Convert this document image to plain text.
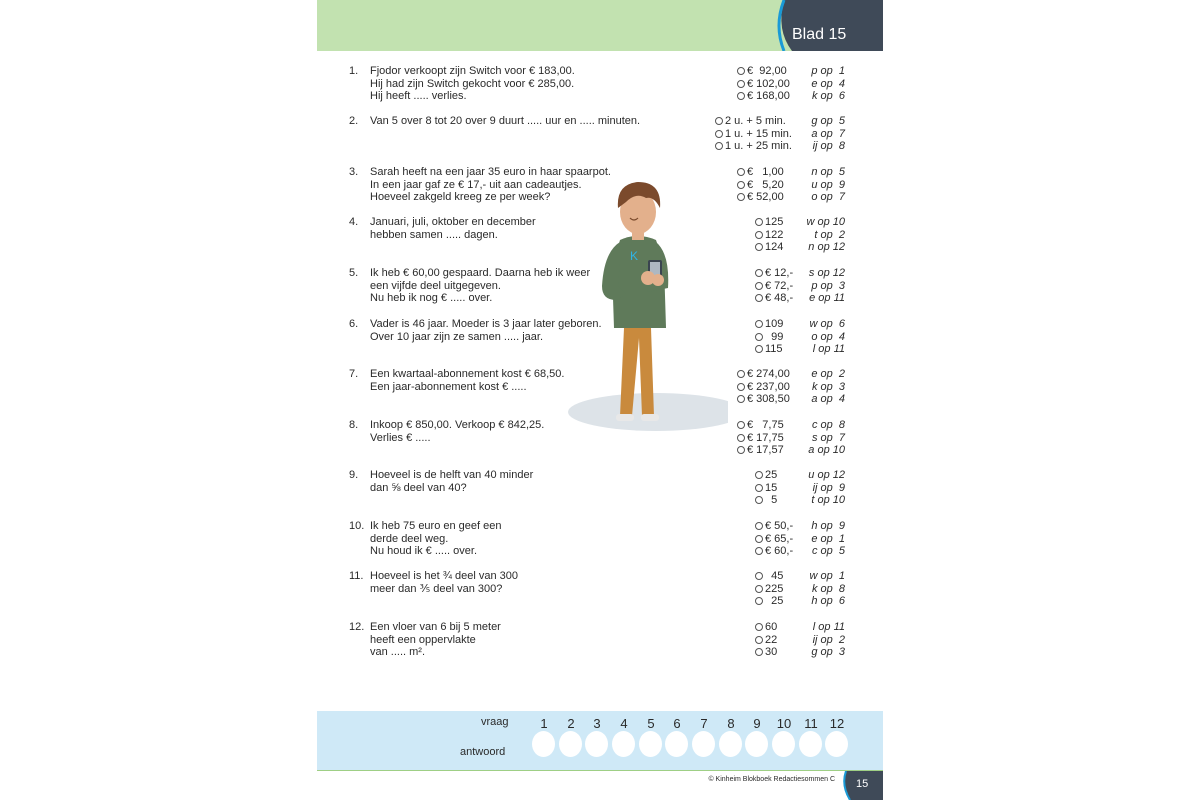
Blad 15
K
1. Fjodor verkoopt zijn Switch voor € 183,00.
Hij had zijn Switch gekocht voor € 285,00.
Hij heeft ..... verlies.
€  92,00	p op  1
€ 102,00	e op  4
€ 168,00	k op  6
2. Van 5 over 8 tot 20 over 9 duurt ..... uur en ..... minuten.	2 u. + 5 min.	g op  5
1 u. + 15 min.	a op  7
1 u. + 25 min.	ij op  8
3. Sarah heeft na een jaar 35 euro in haar spaarpot.
In een jaar gaf ze € 17,- uit aan cadeautjes.
Hoeveel zakgeld kreeg ze per week?
€   1,00	n op  5
€   5,20	u op  9
€ 52,00	o op  7
4. Januari, juli, oktober en december
hebben samen ..... dagen.
125	w op 10
122	t op  2
124	n op 12
5. Ik heb € 60,00 gespaard. Daarna heb ik weer
een vijfde deel uitgegeven.
Nu heb ik nog € ..... over.
€ 12,-	s op 12
€ 72,-	p op  3
€ 48,-	e op 11
6. Vader is 46 jaar. Moeder is 3 jaar later geboren.
Over 10 jaar zijn ze samen ..... jaar.
109	w op  6
99	o op  4
115	l op 11
7. Een kwartaal-abonnement kost € 68,50.
Een jaar-abonnement kost € .....
€ 274,00	e op  2
€ 237,00	k op  3
€ 308,50	a op  4
8. Inkoop € 850,00. Verkoop € 842,25.
Verlies € .....
€   7,75	c op  8
€ 17,75	s op  7
€ 17,57	a op 10
9. Hoeveel is de helft van 40 minder
dan ⅝ deel van 40?
25	u op 12
15	ij op  9
5	t op 10
10. Ik heb 75 euro en geef een
derde deel weg.
Nu houd ik € ..... over.
€ 50,-	h op  9
€ 65,-	e op  1
€ 60,-	c op  5
11. Hoeveel is het ¾ deel van 300
meer dan ⅗ deel van 300?
45	w op  1
225	k op  8
25	h op  6
12. Een vloer van 6 bij 5 meter
heeft een oppervlakte
van ..... m².
60	l op 11
22	ij op  2
30	g op  3
vraag
antwoord
1	2	3	4	5	6	7	8	9	10	11 12
© Kinheim Blokboek Redactiesommen C 15
